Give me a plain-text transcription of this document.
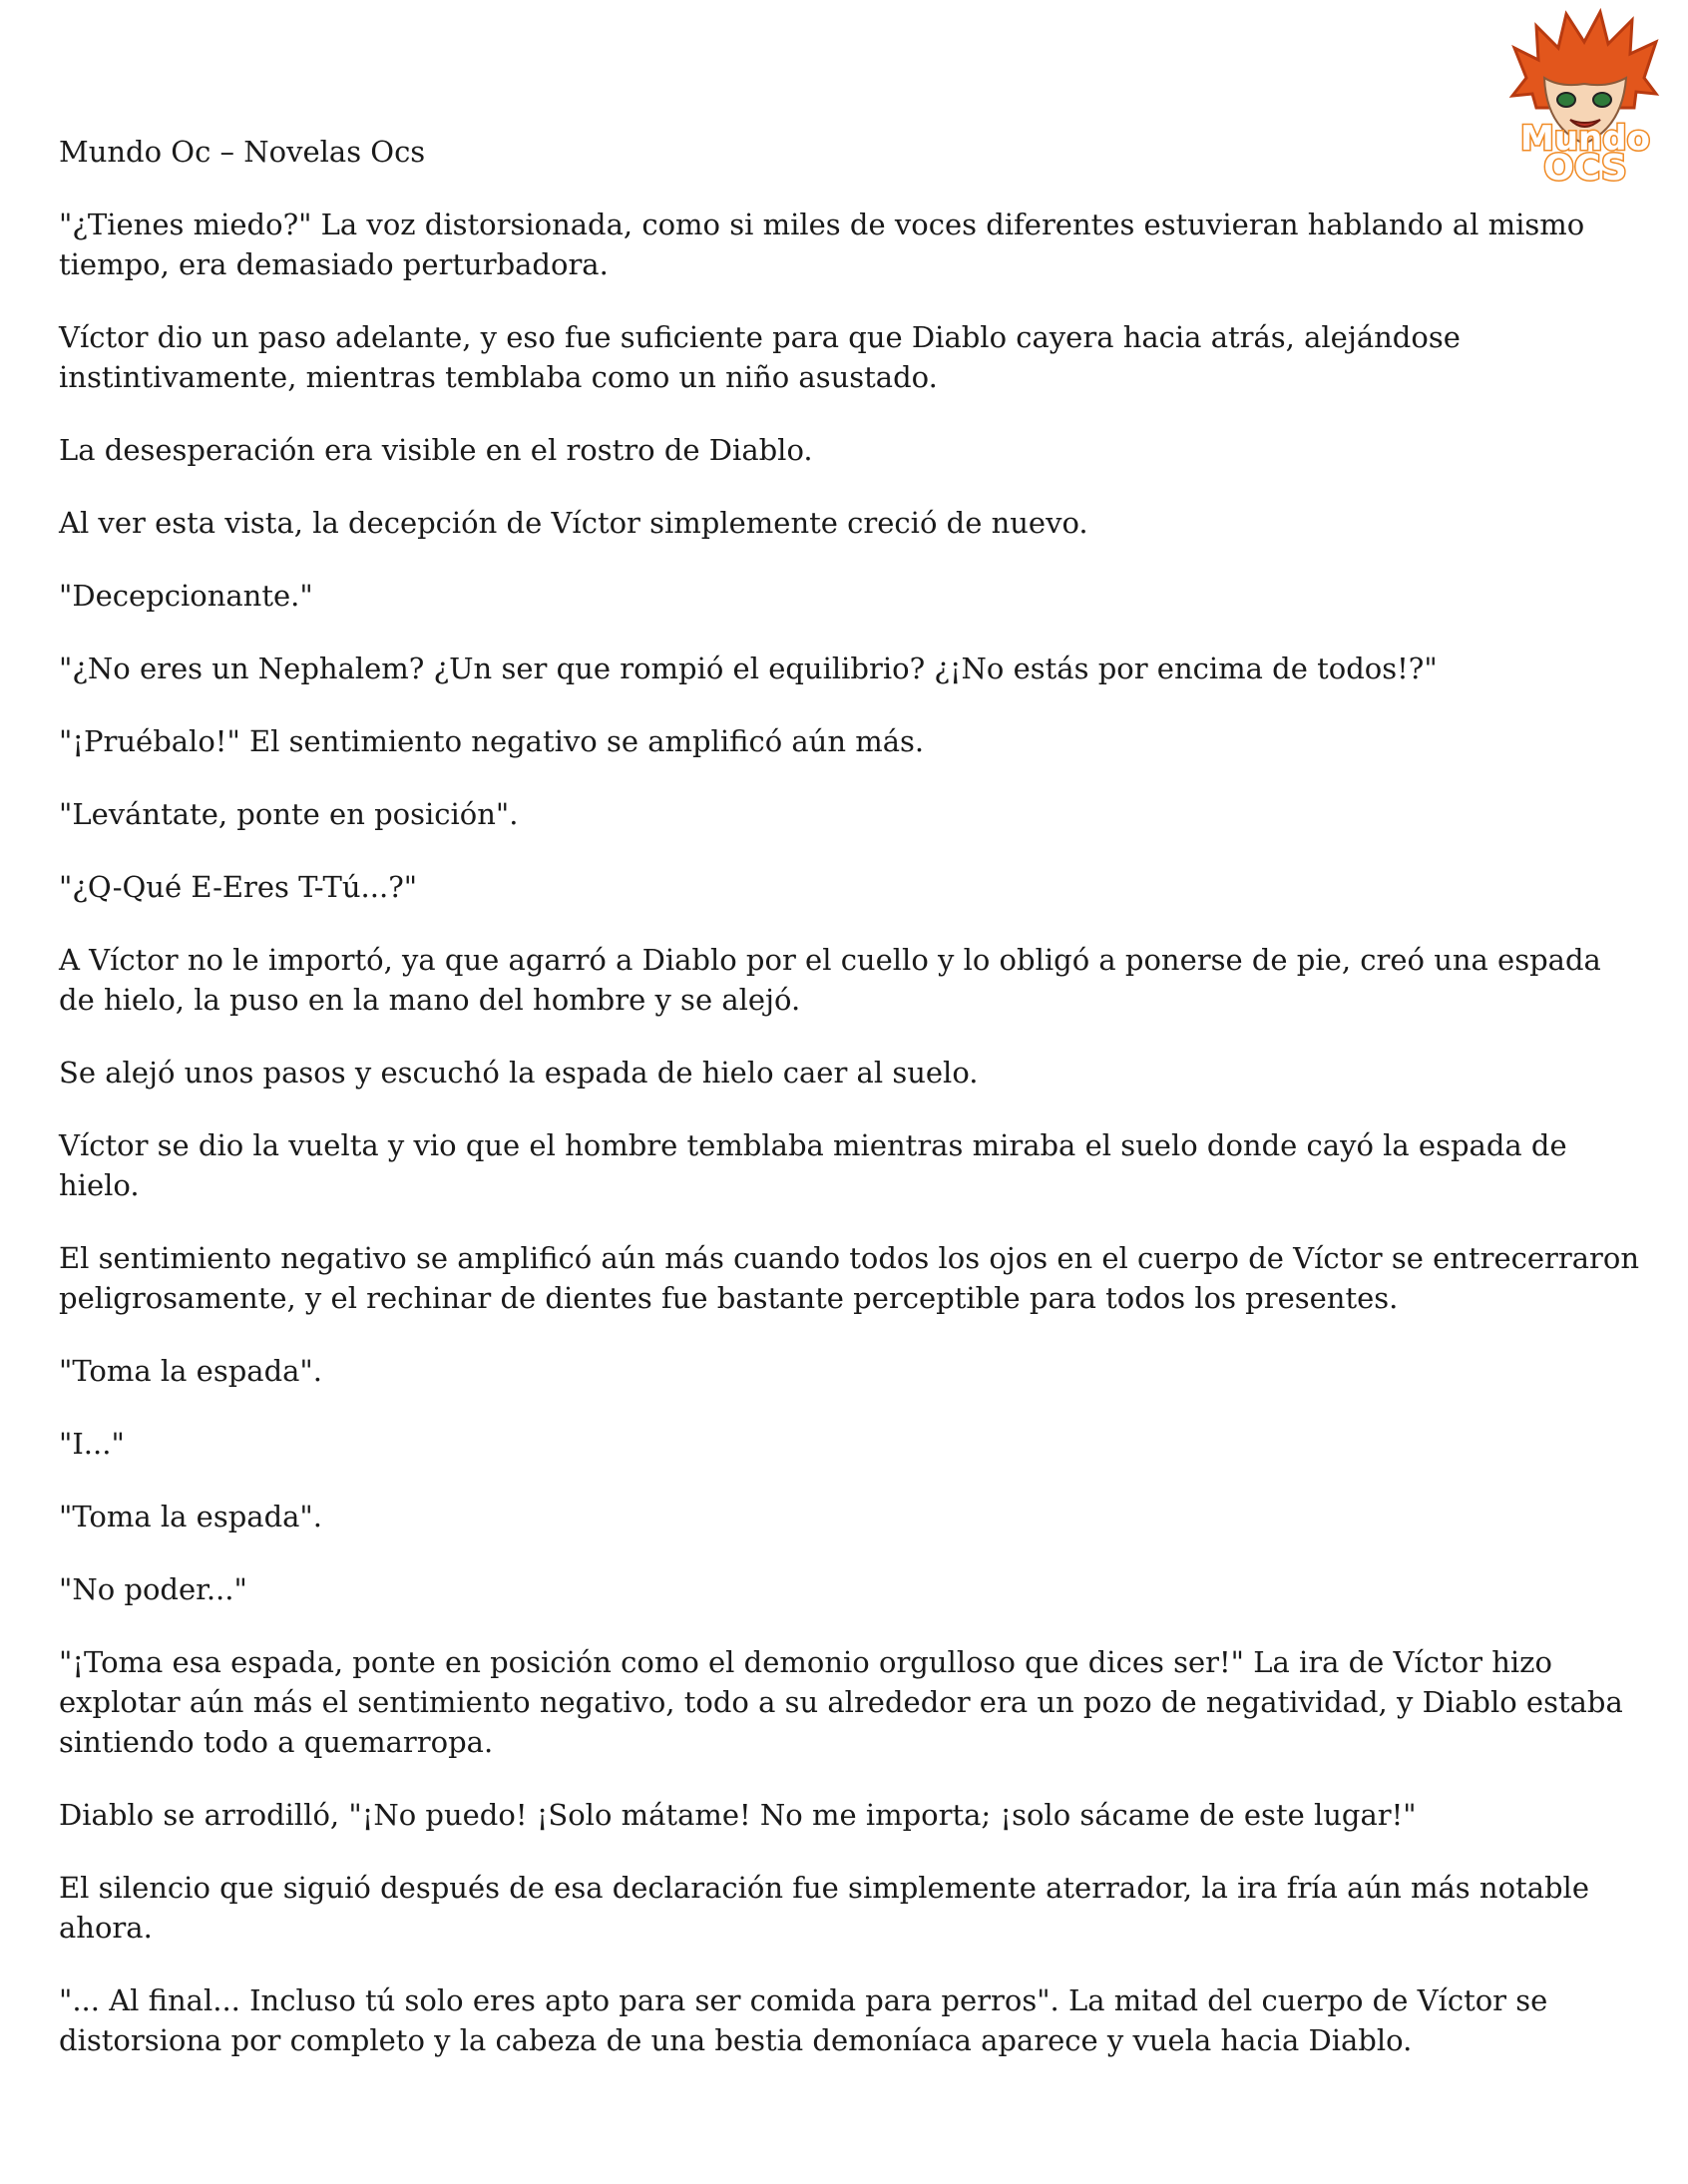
Mundo
OCS

Mundo Oc – Novelas Ocs

"¿Tienes miedo?" La voz distorsionada, como si miles de voces diferentes estuvieran hablando al mismo tiempo, era demasiado perturbadora.

Víctor dio un paso adelante, y eso fue suficiente para que Diablo cayera hacia atrás, alejándose instintivamente, mientras temblaba como un niño asustado.

La desesperación era visible en el rostro de Diablo.

Al ver esta vista, la decepción de Víctor simplemente creció de nuevo.

"Decepcionante."

"¿No eres un Nephalem? ¿Un ser que rompió el equilibrio? ¿¡No estás por encima de todos!?"

"¡Pruébalo!" El sentimiento negativo se amplificó aún más.

"Levántate, ponte en posición".

"¿Q-Qué E-Eres T-Tú...?"

A Víctor no le importó, ya que agarró a Diablo por el cuello y lo obligó a ponerse de pie, creó una espada de hielo, la puso en la mano del hombre y se alejó.

Se alejó unos pasos y escuchó la espada de hielo caer al suelo.

Víctor se dio la vuelta y vio que el hombre temblaba mientras miraba el suelo donde cayó la espada de hielo.

El sentimiento negativo se amplificó aún más cuando todos los ojos en el cuerpo de Víctor se entrecerraron peligrosamente, y el rechinar de dientes fue bastante perceptible para todos los presentes.

"Toma la espada".

"I..."

"Toma la espada".

"No poder..."

"¡Toma esa espada, ponte en posición como el demonio orgulloso que dices ser!" La ira de Víctor hizo explotar aún más el sentimiento negativo, todo a su alrededor era un pozo de negatividad, y Diablo estaba sintiendo todo a quemarropa.

Diablo se arrodilló, "¡No puedo! ¡Solo mátame! No me importa; ¡solo sácame de este lugar!"

El silencio que siguió después de esa declaración fue simplemente aterrador, la ira fría aún más notable ahora.

"... Al final... Incluso tú solo eres apto para ser comida para perros". La mitad del cuerpo de Víctor se distorsiona por completo y la cabeza de una bestia demoníaca aparece y vuela hacia Diablo.
